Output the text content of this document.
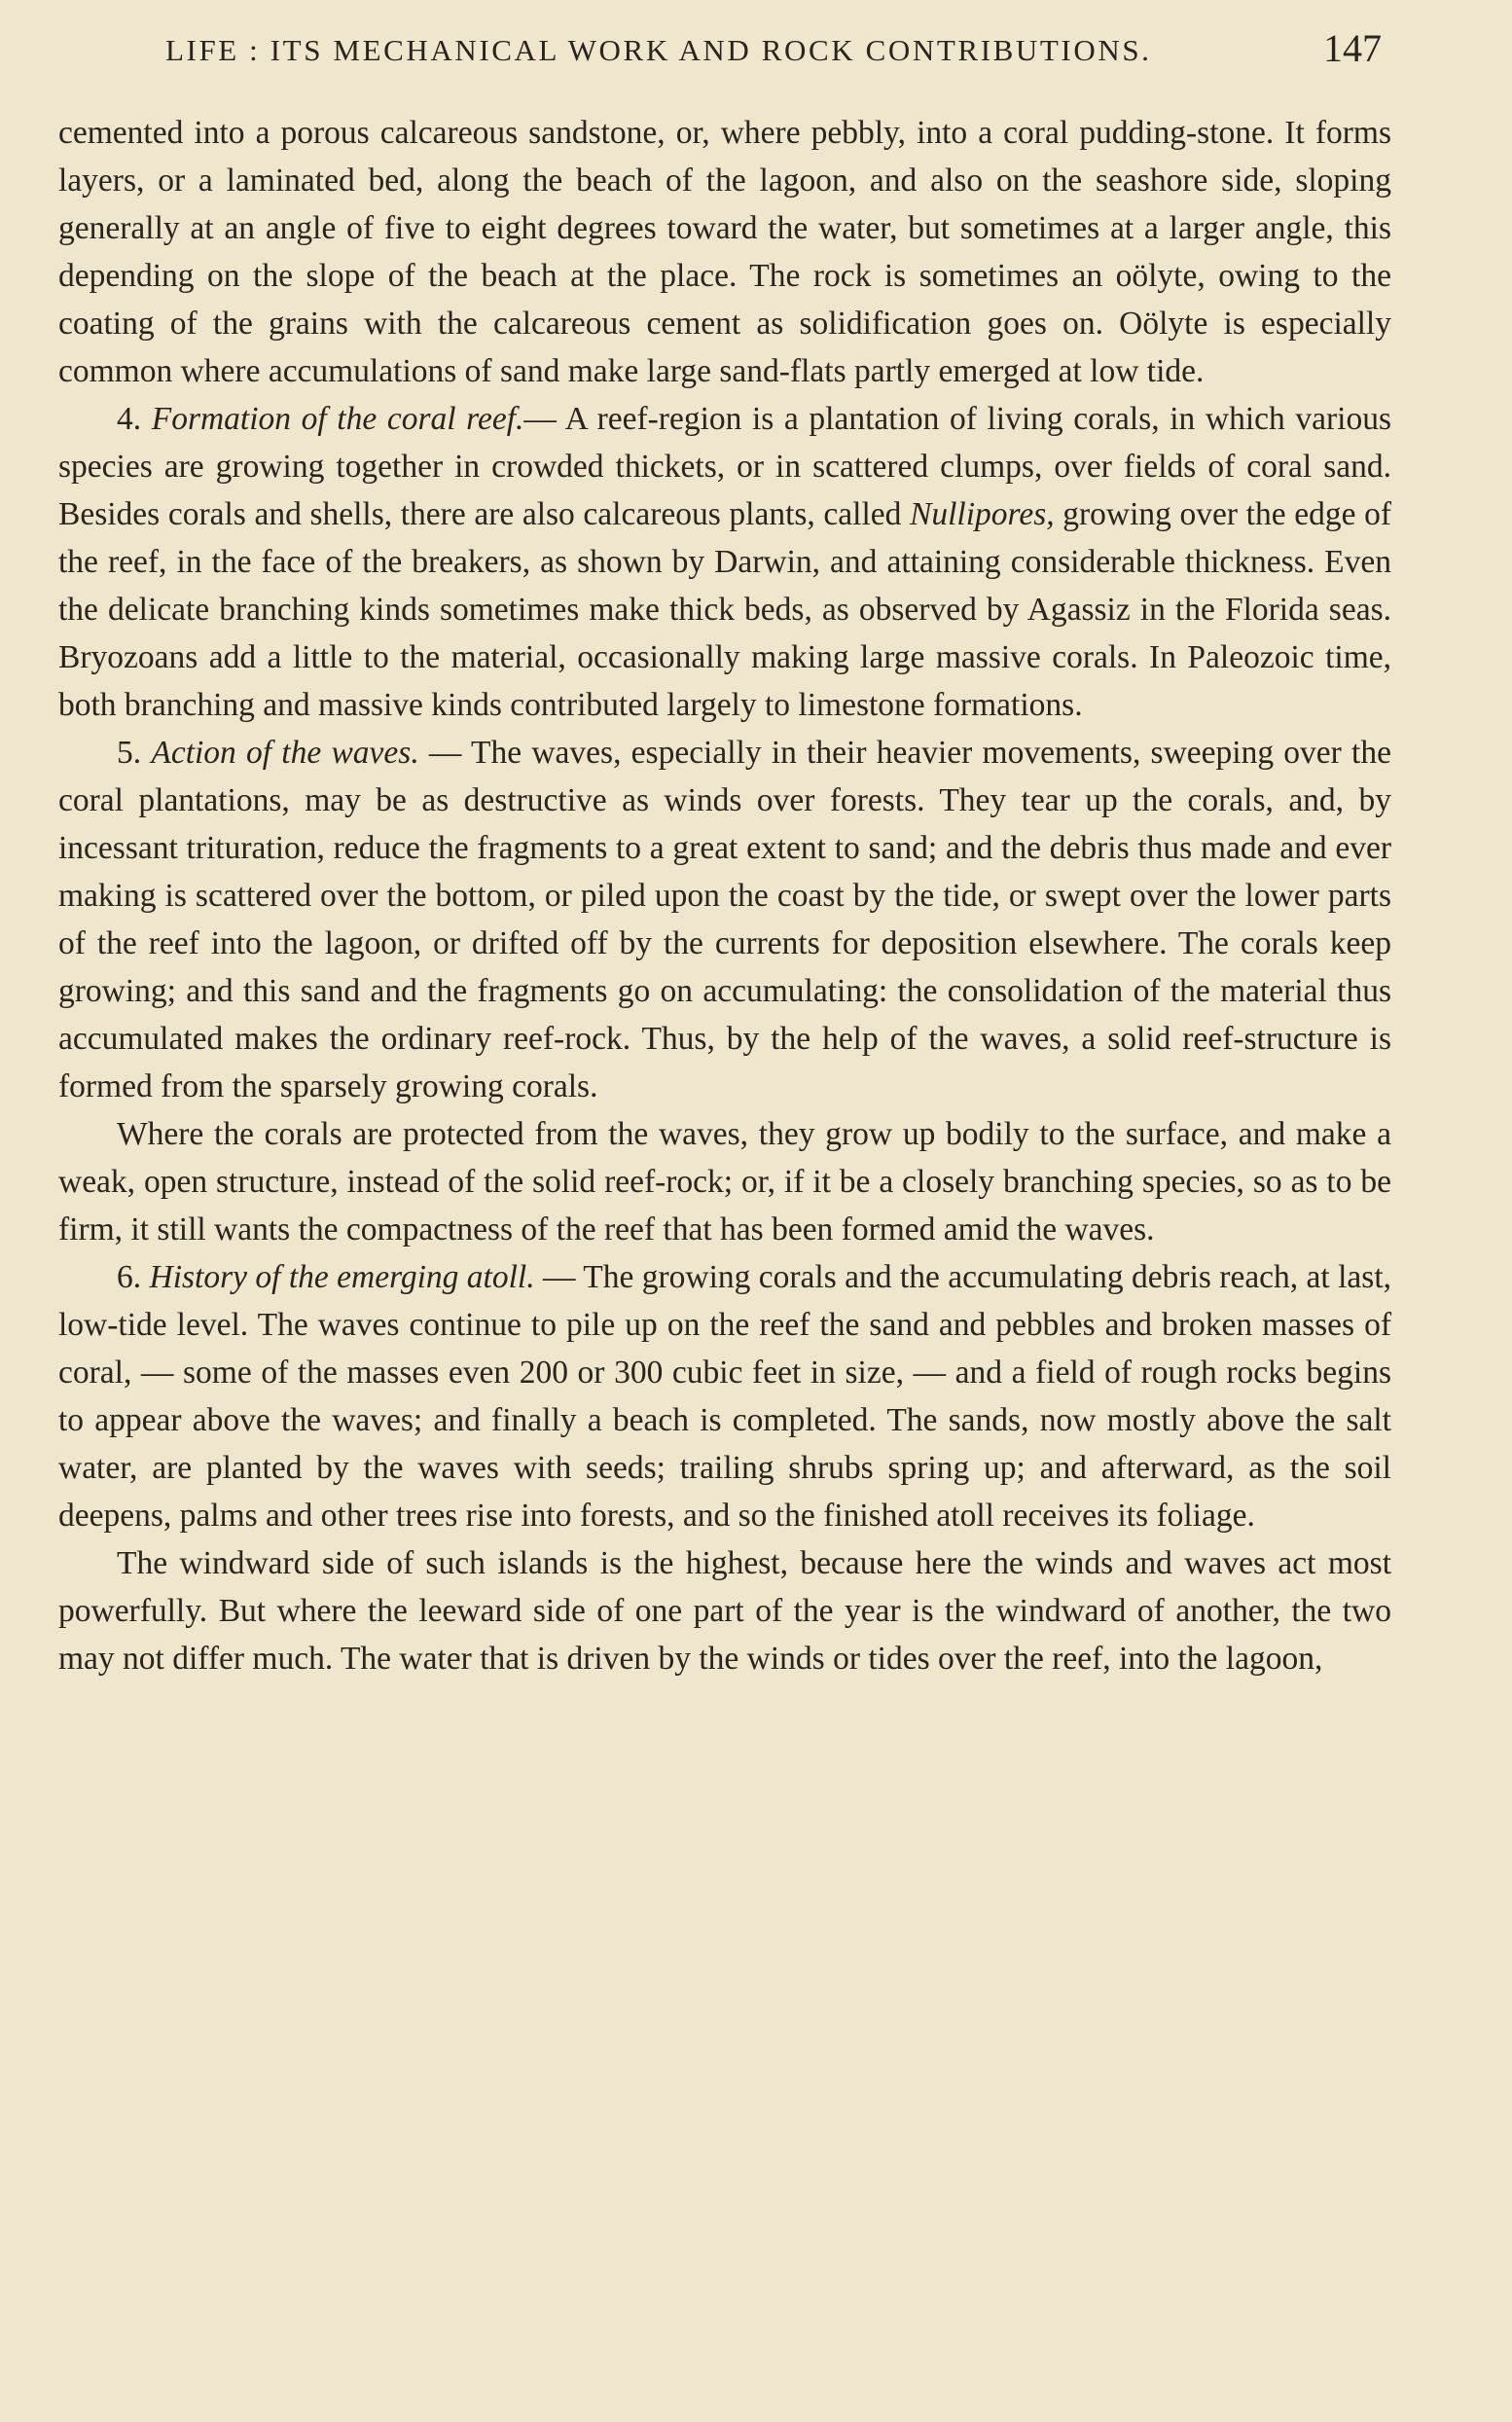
LIFE : ITS MECHANICAL WORK AND ROCK CONTRIBUTIONS.	147

cemented into a porous calcareous sandstone, or, where pebbly, into a coral pudding-stone. It forms layers, or a laminated bed, along the beach of the lagoon, and also on the seashore side, sloping generally at an angle of five to eight degrees toward the water, but sometimes at a larger angle, this depending on the slope of the beach at the place. The rock is sometimes an oölyte, owing to the coating of the grains with the calcareous cement as solidification goes on. Oölyte is especially common where accumulations of sand make large sand-flats partly emerged at low tide.

4. Formation of the coral reef.— A reef-region is a plantation of living corals, in which various species are growing together in crowded thickets, or in scattered clumps, over fields of coral sand. Besides corals and shells, there are also calcareous plants, called Nullipores, growing over the edge of the reef, in the face of the breakers, as shown by Darwin, and attaining considerable thickness. Even the delicate branching kinds sometimes make thick beds, as observed by Agassiz in the Florida seas. Bryozoans add a little to the material, occasionally making large massive corals. In Paleozoic time, both branching and massive kinds contributed largely to limestone formations.

5. Action of the waves. — The waves, especially in their heavier movements, sweeping over the coral plantations, may be as destructive as winds over forests. They tear up the corals, and, by incessant trituration, reduce the fragments to a great extent to sand; and the debris thus made and ever making is scattered over the bottom, or piled upon the coast by the tide, or swept over the lower parts of the reef into the lagoon, or drifted off by the currents for deposition elsewhere. The corals keep growing; and this sand and the fragments go on accumulating: the consolidation of the material thus accumulated makes the ordinary reef-rock. Thus, by the help of the waves, a solid reef-structure is formed from the sparsely growing corals.

Where the corals are protected from the waves, they grow up bodily to the surface, and make a weak, open structure, instead of the solid reef-rock; or, if it be a closely branching species, so as to be firm, it still wants the compactness of the reef that has been formed amid the waves.

6. History of the emerging atoll. — The growing corals and the accumulating debris reach, at last, low-tide level. The waves continue to pile up on the reef the sand and pebbles and broken masses of coral, — some of the masses even 200 or 300 cubic feet in size, — and a field of rough rocks begins to appear above the waves; and finally a beach is completed. The sands, now mostly above the salt water, are planted by the waves with seeds; trailing shrubs spring up; and afterward, as the soil deepens, palms and other trees rise into forests, and so the finished atoll receives its foliage.

The windward side of such islands is the highest, because here the winds and waves act most powerfully. But where the leeward side of one part of the year is the windward of another, the two may not differ much. The water that is driven by the winds or tides over the reef, into the lagoon,
